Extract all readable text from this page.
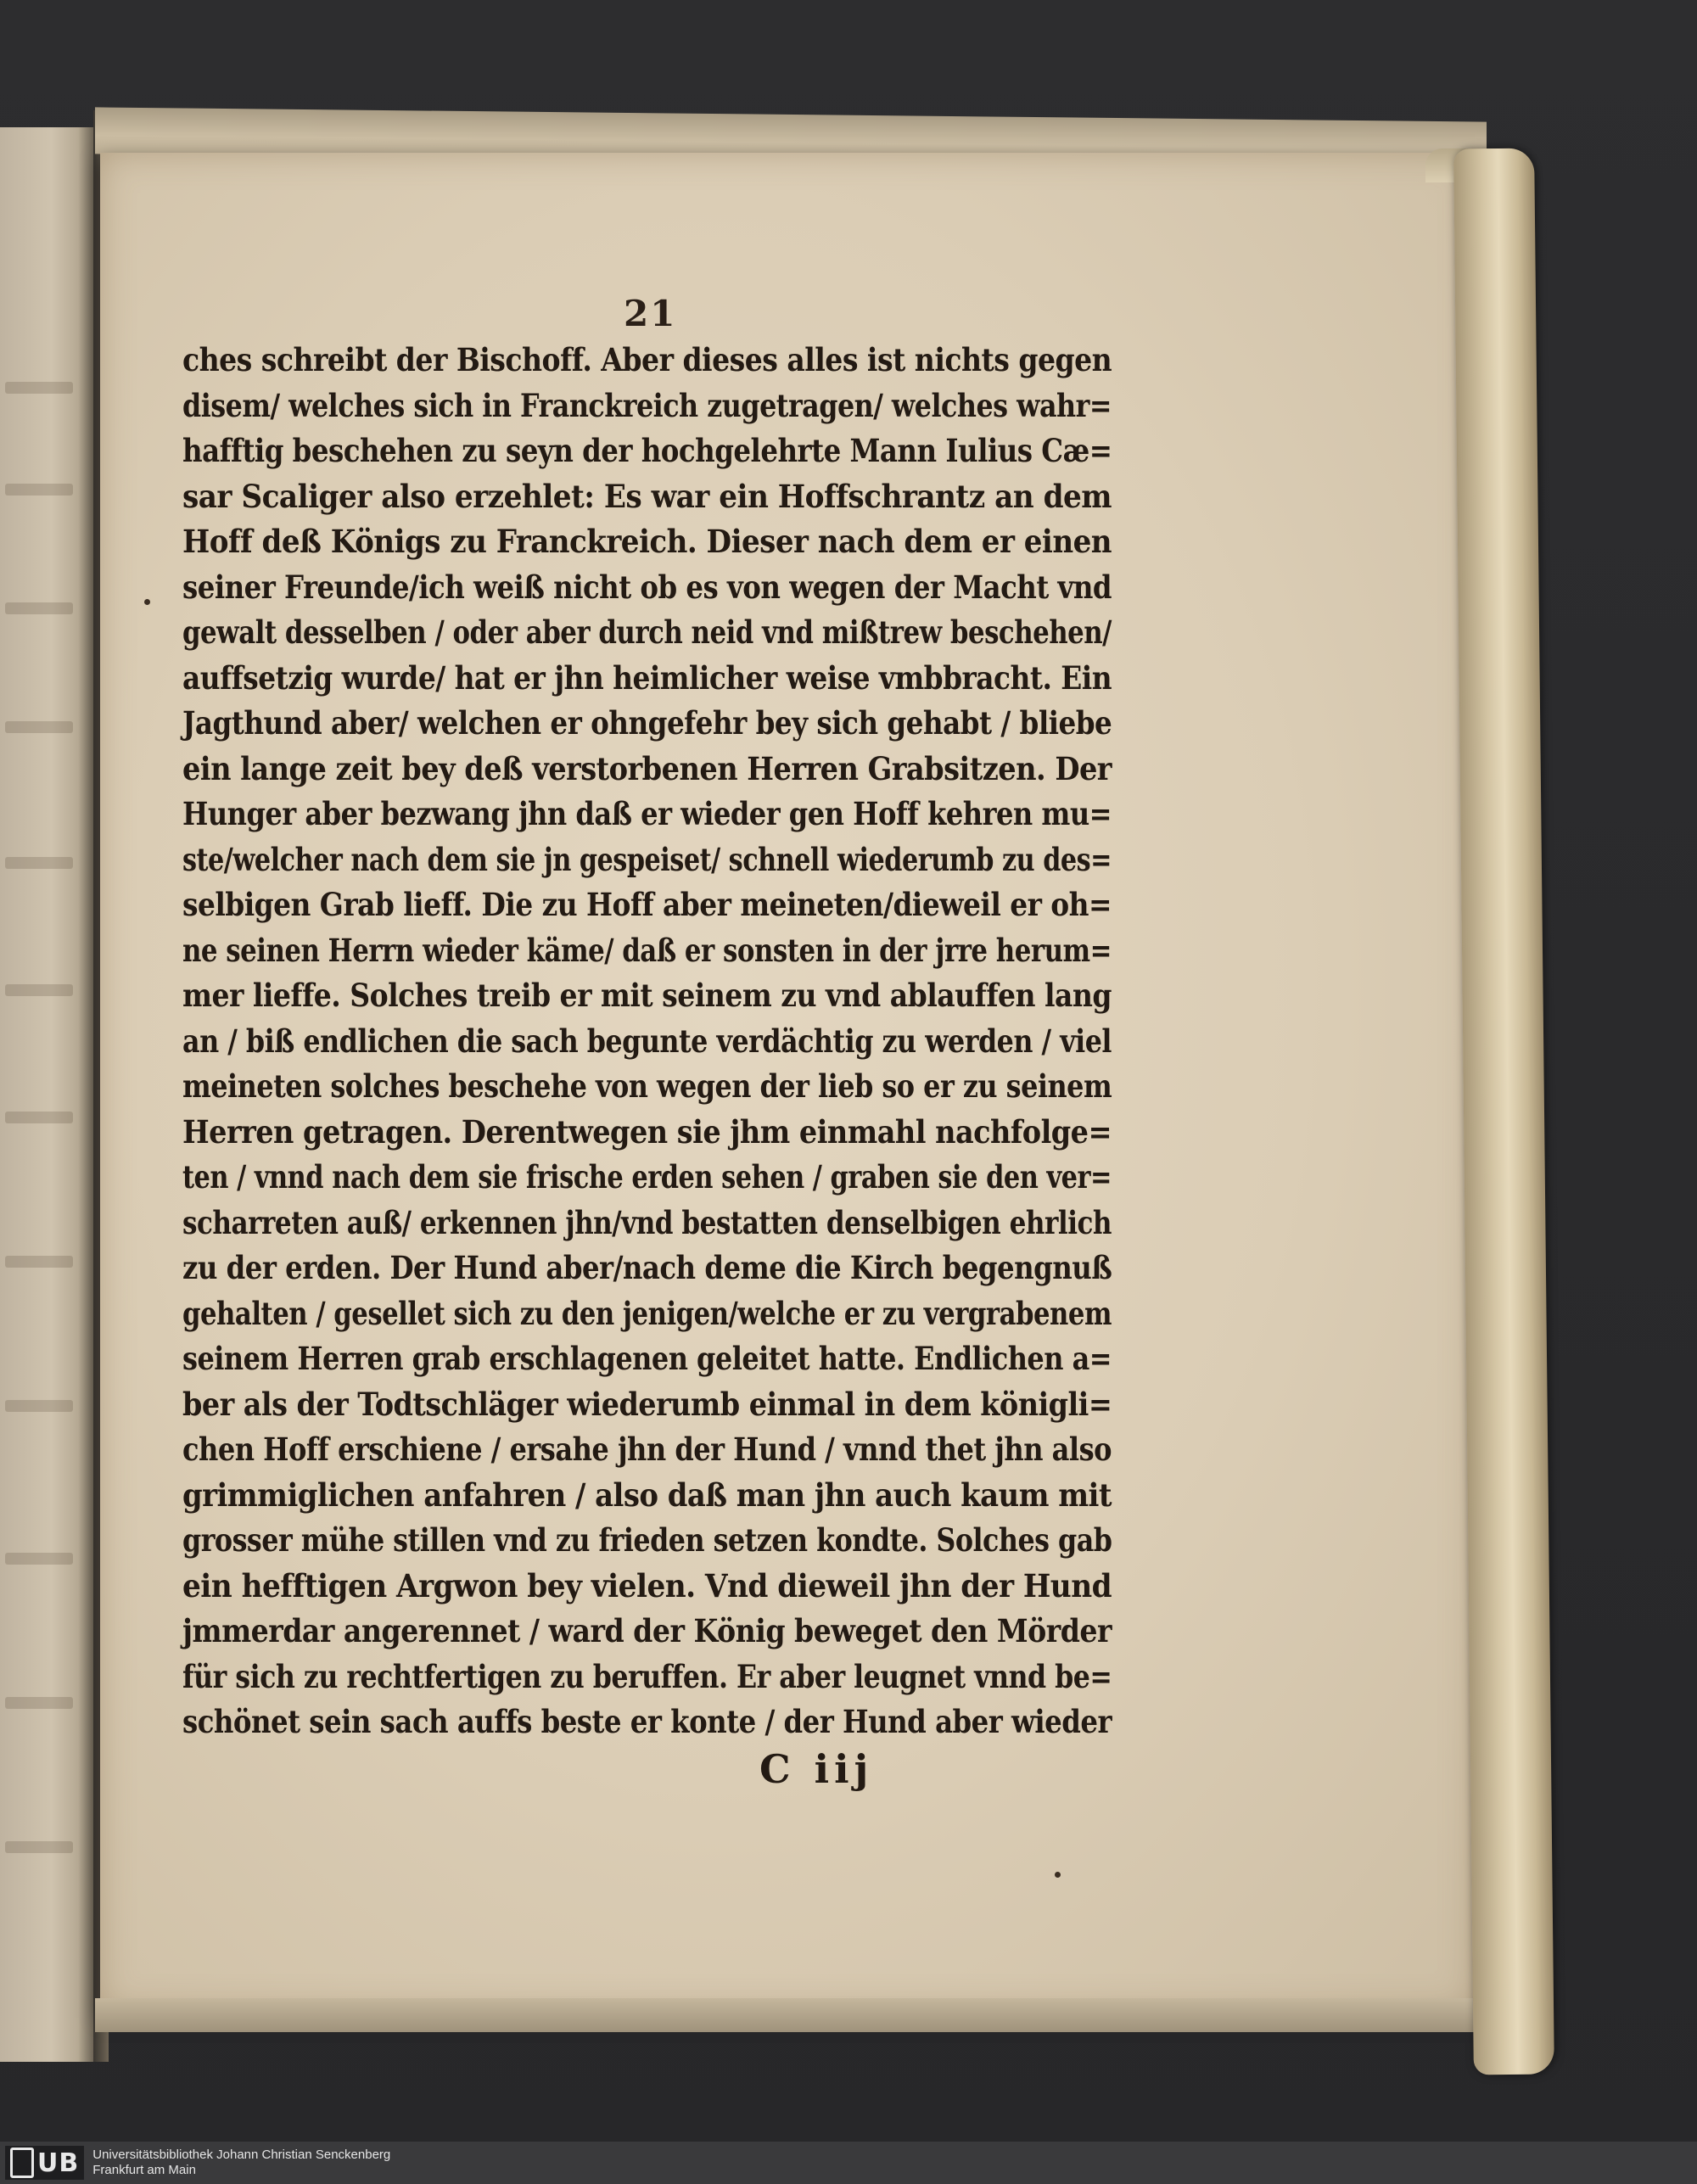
21
ches schreibt der Bischoff. Aber dieses alles ist nichts gegen
disem/ welches sich in Franckreich zugetragen/ welches wahr=
hafftig beschehen zu seyn der hochgelehrte Mann Iulius Cæ=
sar Scaliger also erzehlet: Es war ein Hoffschrantz an dem
Hoff deß Königs zu Franckreich. Dieser nach dem er einen
seiner Freunde/ich weiß nicht ob es von wegen der Macht vnd
gewalt desselben / oder aber durch neid vnd mißtrew beschehen/
auffsetzig wurde/ hat er jhn heimlicher weise vmbbracht. Ein
Jagthund aber/ welchen er ohngefehr bey sich gehabt / bliebe
ein lange zeit bey deß verstorbenen Herren Grabsitzen. Der
Hunger aber bezwang jhn daß er wieder gen Hoff kehren mu=
ste/welcher nach dem sie jn gespeiset/ schnell wiederumb zu des=
selbigen Grab lieff. Die zu Hoff aber meineten/dieweil er oh=
ne seinen Herrn wieder käme/ daß er sonsten in der jrre herum=
mer lieffe. Solches treib er mit seinem zu vnd ablauffen lang
an / biß endlichen die sach begunte verdächtig zu werden / viel
meineten solches beschehe von wegen der lieb so er zu seinem
Herren getragen. Derentwegen sie jhm einmahl nachfolge=
ten / vnnd nach dem sie frische erden sehen / graben sie den ver=
scharreten auß/ erkennen jhn/vnd bestatten denselbigen ehrlich
zu der erden. Der Hund aber/nach deme die Kirch begengnuß
gehalten / gesellet sich zu den jenigen/welche er zu vergrabenem
seinem Herren grab erschlagenen geleitet hatte. Endlichen a=
ber als der Todtschläger wiederumb einmal in dem königli=
chen Hoff erschiene / ersahe jhn der Hund / vnnd thet jhn also
grimmiglichen anfahren / also daß man jhn auch kaum mit
grosser mühe stillen vnd zu frieden setzen kondte. Solches gab
ein hefftigen Argwon bey vielen. Vnd dieweil jhn der Hund
jmmerdar angerennet / ward der König beweget den Mörder
für sich zu rechtfertigen zu beruffen. Er aber leugnet vnnd be=
schönet sein sach auffs beste er konte / der Hund aber wieder
C iij
UB Universitätsbibliothek Johann Christian Senckenberg
Frankfurt am Main
